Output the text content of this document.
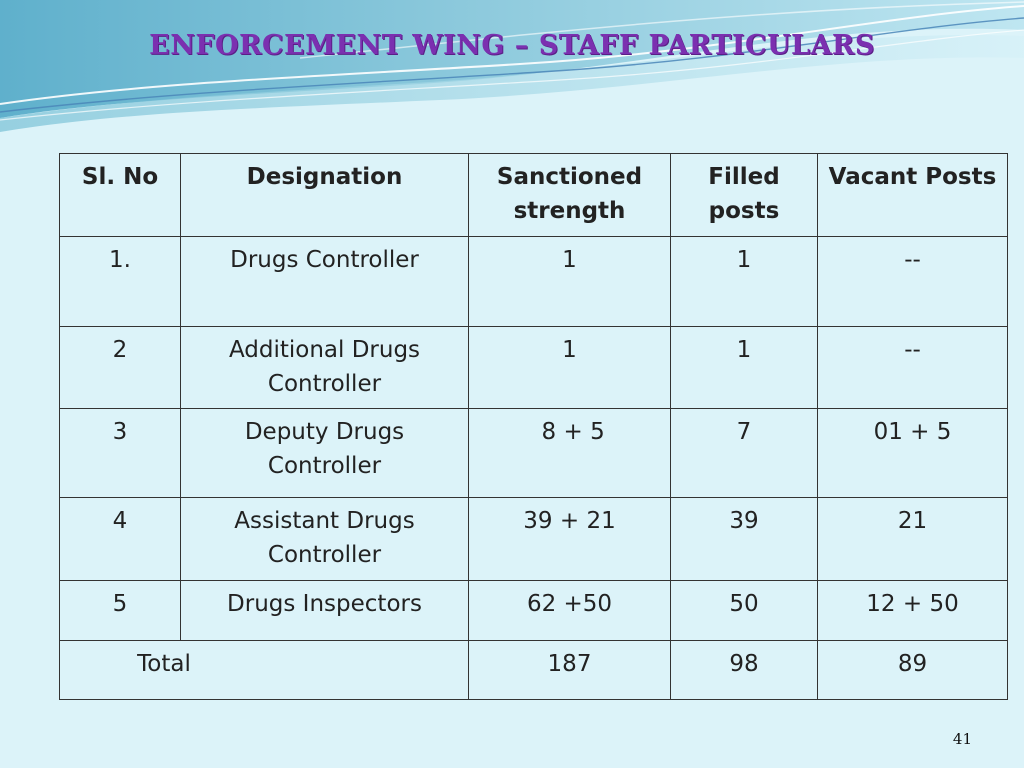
ENFORCEMENT WING – STAFF PARTICULARS
Sl. No	Designation	Sanctioned strength	Filled posts	Vacant Posts
1.	Drugs Controller	1	1	--
2	Additional Drugs Controller	1	1	--
3	Deputy Drugs Controller	8 + 5	7	01 + 5
4	Assistant Drugs Controller	39 + 21	39	21
5	Drugs Inspectors	62 +50	50	12 + 50
Total		187	98	89
41
